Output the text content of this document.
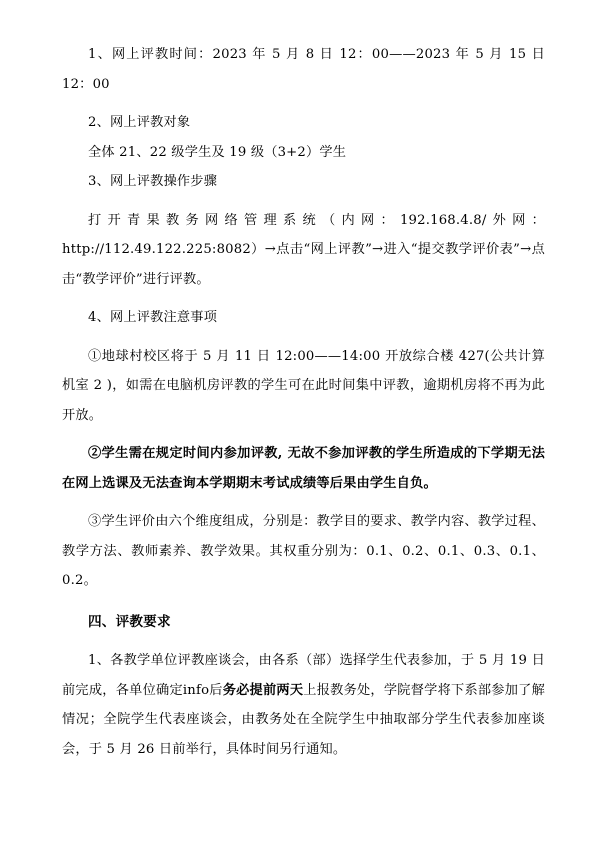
1、网上评教时间：2023 年 5 月 8 日 12：00——2023 年 5 月 15 日 12：00

2、网上评教对象

全体 21、22 级学生及 19 级（3+2）学生

3、网上评教操作步骤

打开青果教务网络管理系统（内网：192.168.4.8/外网：http://112.49.122.225:8082）→点击“网上评教”→进入“提交教学评价表”→点击“教学评价”进行评教。

4、网上评教注意事项

①地球村校区将于 5 月 11 日 12:00——14:00 开放综合楼 427(公共计算机室 2 )，如需在电脑机房评教的学生可在此时间集中评教，逾期机房将不再为此开放。

②学生需在规定时间内参加评教, 无故不参加评教的学生所造成的下学期无法在网上选课及无法查询本学期期末考试成绩等后果由学生自负。

③学生评价由六个维度组成，分别是：教学目的要求、教学内容、教学过程、教学方法、教师素养、教学效果。其权重分别为：0.1、0.2、0.1、0.3、0.1、0.2。

四、评教要求

1、各教学单位评教座谈会，由各系（部）选择学生代表参加，于 5 月 19 日前完成，各单位确定info后务必提前两天上报教务处，学院督学将下系部参加了解情况；全院学生代表座谈会，由教务处在全院学生中抽取部分学生代表参加座谈会，于 5 月 26 日前举行，具体时间另行通知。
